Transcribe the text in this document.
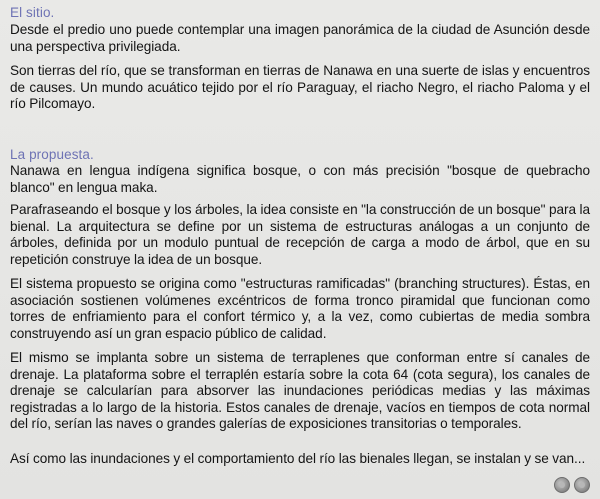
El sitio.
Desde el predio uno puede contemplar una imagen panorámica de la ciudad de Asunción desde una perspectiva privilegiada.
Son tierras del río, que se transforman en tierras de Nanawa en una suerte de islas y encuentros de causes. Un mundo acuático tejido por el río Paraguay, el riacho Negro, el riacho Paloma y el río Pilcomayo.
La propuesta.
Nanawa en lengua indígena significa bosque, o con más precisión "bosque de quebracho blanco" en lengua maka.
Parafraseando el bosque y los árboles, la idea consiste en "la construcción de un bosque" para la bienal. La arquitectura se define por un sistema de estructuras análogas a un conjunto de árboles, definida por un modulo puntual de recepción de carga a modo de árbol, que en su repetición construye la idea de un bosque.
El sistema propuesto se origina como "estructuras ramificadas" (branching structures). Éstas, en asociación sostienen volúmenes excéntricos de forma tronco piramidal que funcionan como torres de enfriamiento para el confort térmico y, a la vez, como cubiertas de media sombra construyendo así un gran espacio público de calidad.
El mismo se implanta sobre un sistema de terraplenes que conforman entre sí canales de drenaje. La plataforma sobre el terraplén estaría sobre la cota 64 (cota segura), los canales de drenaje se calcularían para absorver las inundaciones periódicas medias y las máximas registradas a lo largo de la historia. Estos canales de drenaje, vacíos en tiempos de cota normal del río, serían las naves o grandes galerías de exposiciones transitorias o temporales.
Así como las inundaciones y el comportamiento del río las bienales llegan, se instalan y se van...
